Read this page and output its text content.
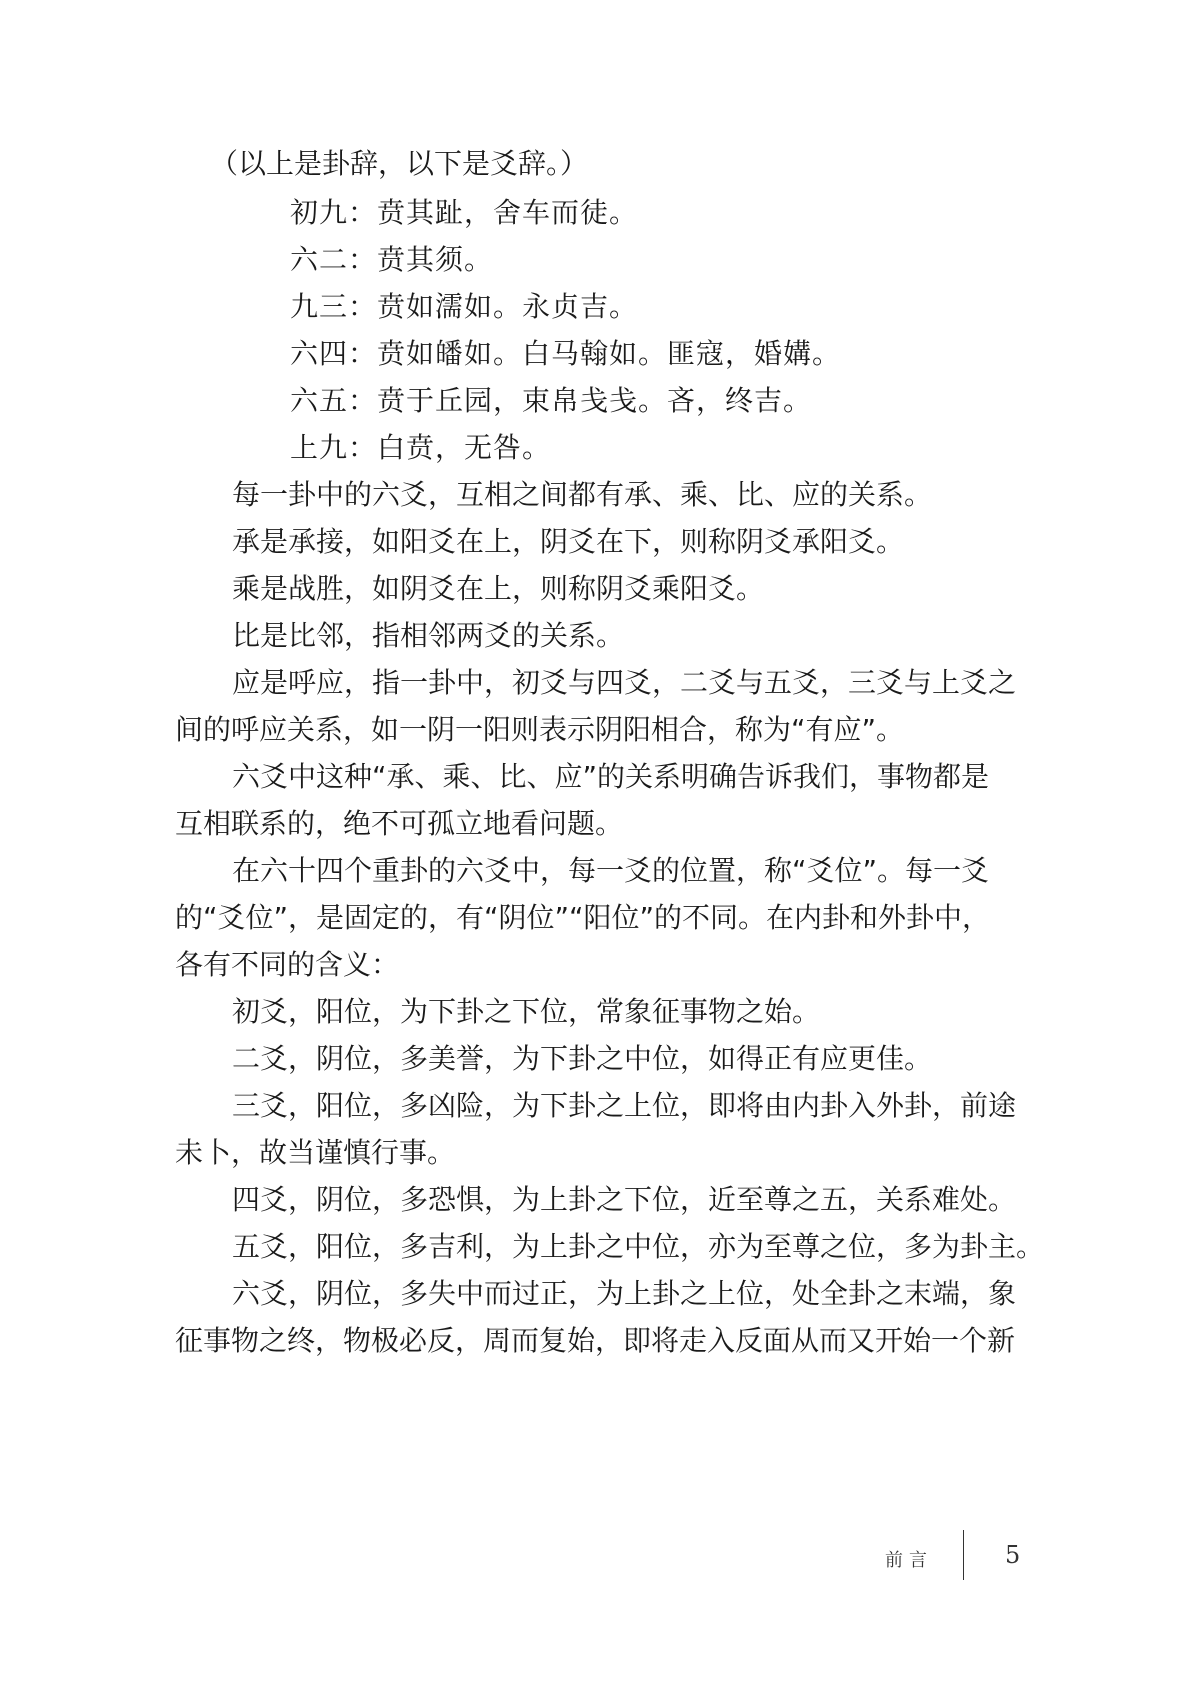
（以上是卦辞，以下是爻辞。）
初九：贲其趾，舍车而徒。
六二：贲其须。
九三：贲如濡如。永贞吉。
六四：贲如皤如。白马翰如。匪寇，婚媾。
六五：贲于丘园，束帛戋戋。吝，终吉。
上九：白贲，无咎。
每一卦中的六爻，互相之间都有承、乘、比、应的关系。
承是承接，如阳爻在上，阴爻在下，则称阴爻承阳爻。
乘是战胜，如阴爻在上，则称阴爻乘阳爻。
比是比邻，指相邻两爻的关系。
应是呼应，指一卦中，初爻与四爻，二爻与五爻，三爻与上爻之
间的呼应关系，如一阴一阳则表示阴阳相合，称为“有应”。
六爻中这种“承、乘、比、应”的关系明确告诉我们，事物都是
互相联系的，绝不可孤立地看问题。
在六十四个重卦的六爻中，每一爻的位置，称“爻位”。每一爻
的“爻位”，是固定的，有“阴位”“阳位”的不同。在内卦和外卦中，
各有不同的含义：
初爻，阳位，为下卦之下位，常象征事物之始。
二爻，阴位，多美誉，为下卦之中位，如得正有应更佳。
三爻，阳位，多凶险，为下卦之上位，即将由内卦入外卦，前途
未卜，故当谨慎行事。
四爻，阴位，多恐惧，为上卦之下位，近至尊之五，关系难处。
五爻，阳位，多吉利，为上卦之中位，亦为至尊之位，多为卦主。
六爻，阴位，多失中而过正，为上卦之上位，处全卦之末端，象
征事物之终，物极必反，周而复始，即将走入反面从而又开始一个新
前言	5
